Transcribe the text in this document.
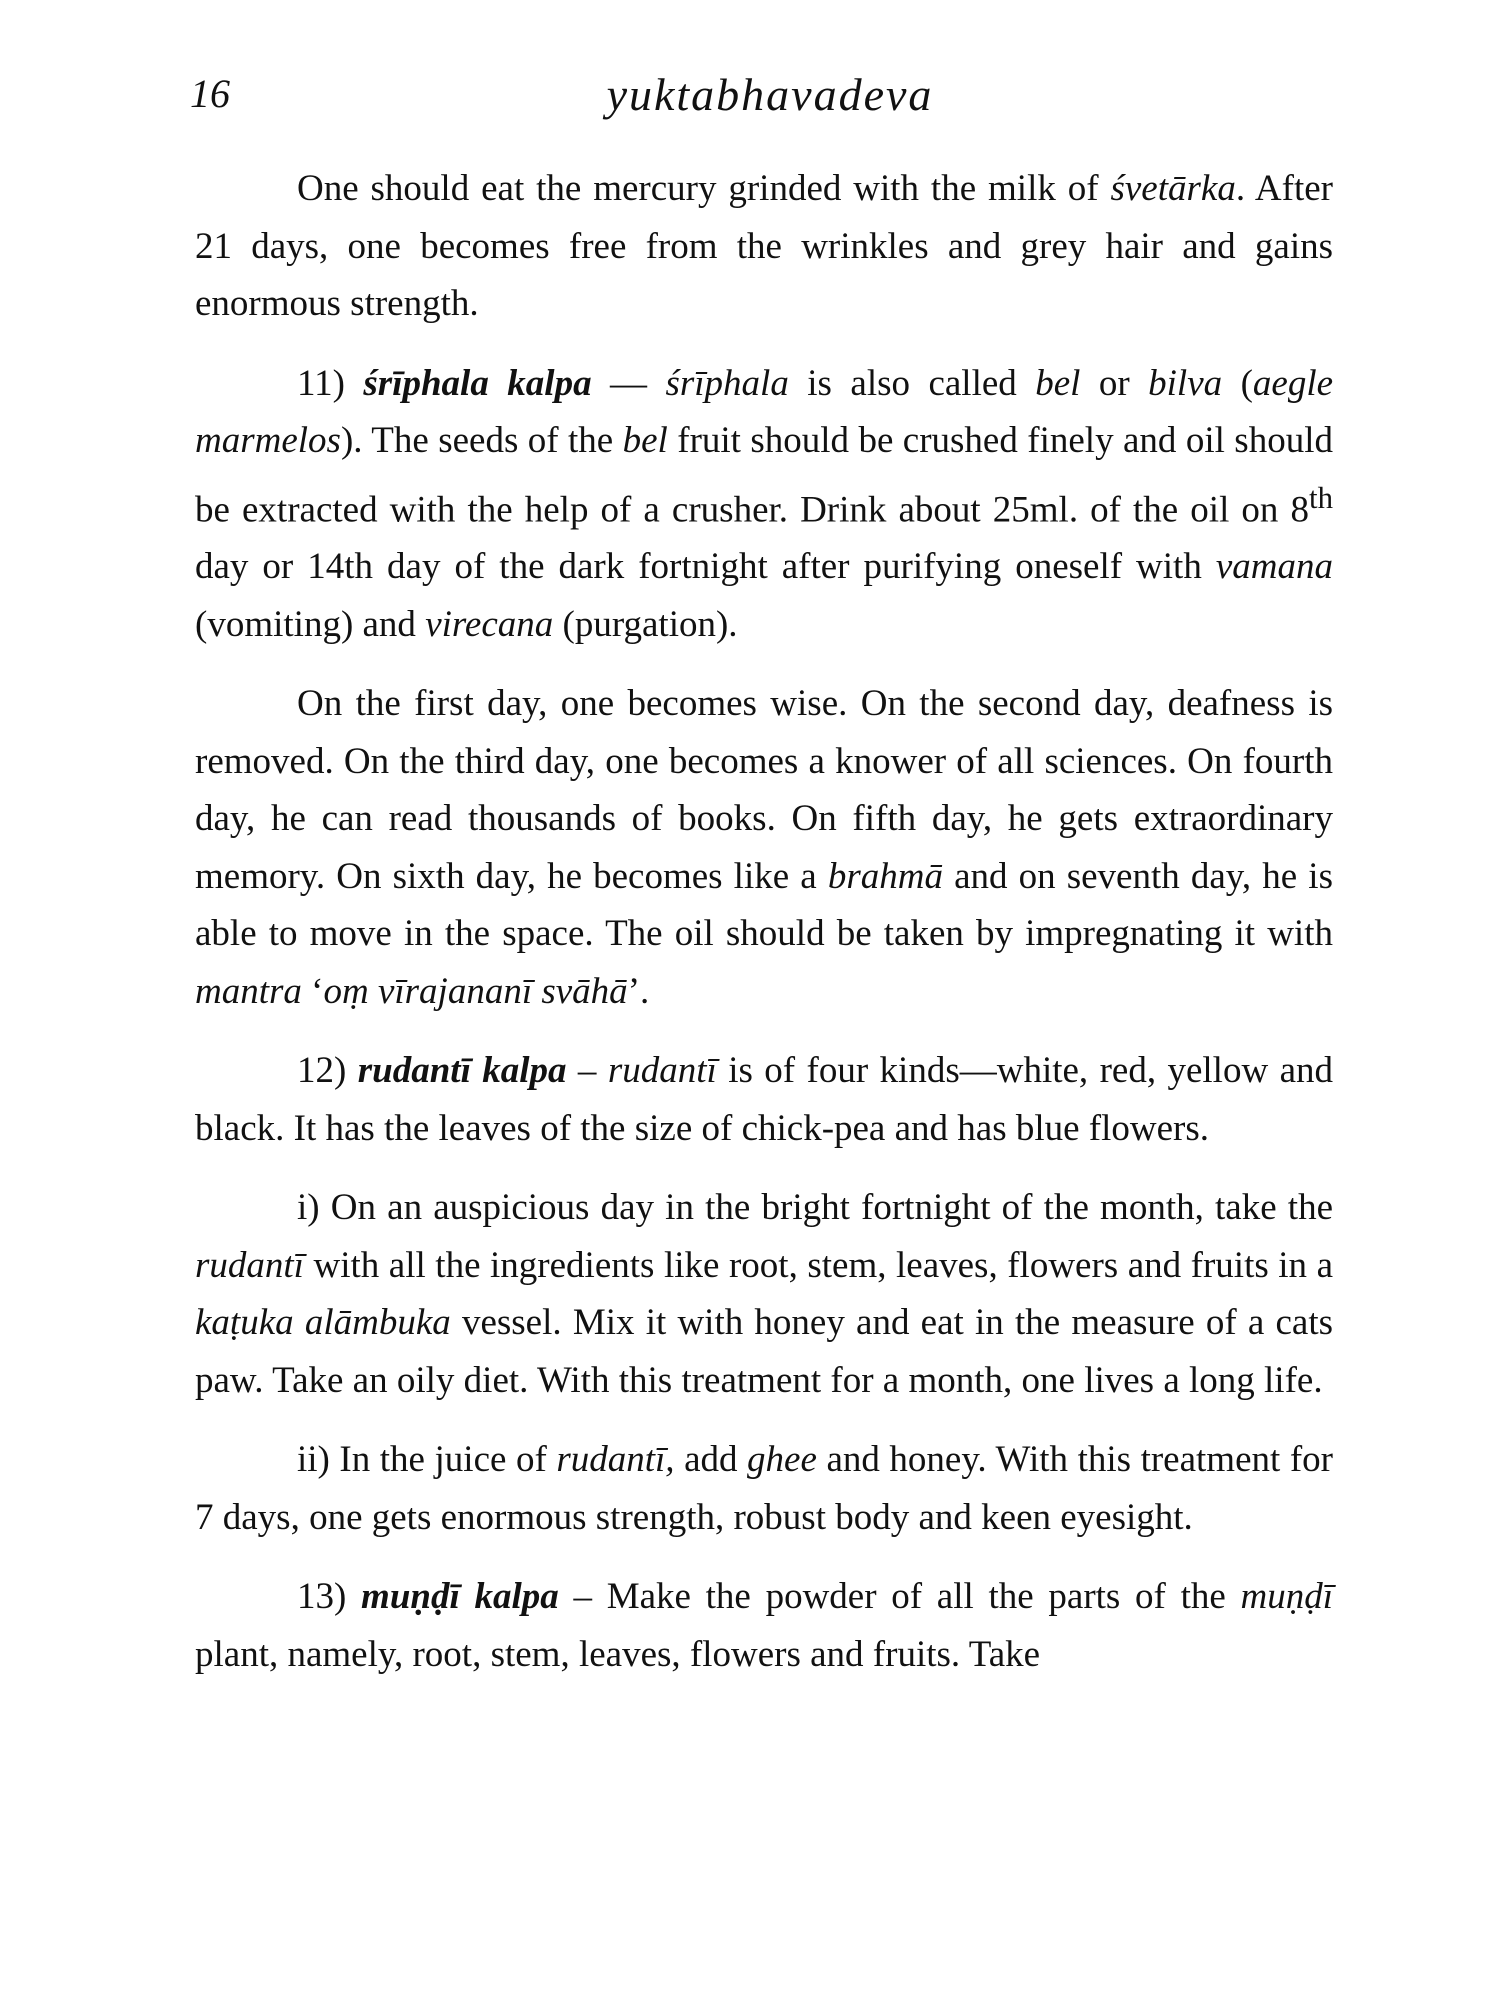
16	yuktabhavadeva

One should eat the mercury grinded with the milk of śvetārka. After 21 days, one becomes free from the wrinkles and grey hair and gains enormous strength.

11) śrīphala kalpa — śrīphala is also called bel or bilva (aegle marmelos). The seeds of the bel fruit should be crushed finely and oil should be extracted with the help of a crusher. Drink about 25ml. of the oil on 8th day or 14th day of the dark fortnight after purifying oneself with vamana (vomiting) and virecana (purgation).

On the first day, one becomes wise. On the second day, deafness is removed. On the third day, one becomes a knower of all sciences. On fourth day, he can read thousands of books. On fifth day, he gets extraordinary memory. On sixth day, he becomes like a brahmā and on seventh day, he is able to move in the space. The oil should be taken by impregnating it with mantra ‘oṃ vīrajananī svāhā’.

12) rudantī kalpa – rudantī is of four kinds—white, red, yellow and black. It has the leaves of the size of chick-pea and has blue flowers.

i) On an auspicious day in the bright fortnight of the month, take the rudantī with all the ingredients like root, stem, leaves, flowers and fruits in a kaṭuka alāmbuka vessel. Mix it with honey and eat in the measure of a cats paw. Take an oily diet. With this treatment for a month, one lives a long life.

ii) In the juice of rudantī, add ghee and honey. With this treatment for 7 days, one gets enormous strength, robust body and keen eyesight.

13) muṇḍī kalpa – Make the powder of all the parts of the muṇḍī plant, namely, root, stem, leaves, flowers and fruits. Take
